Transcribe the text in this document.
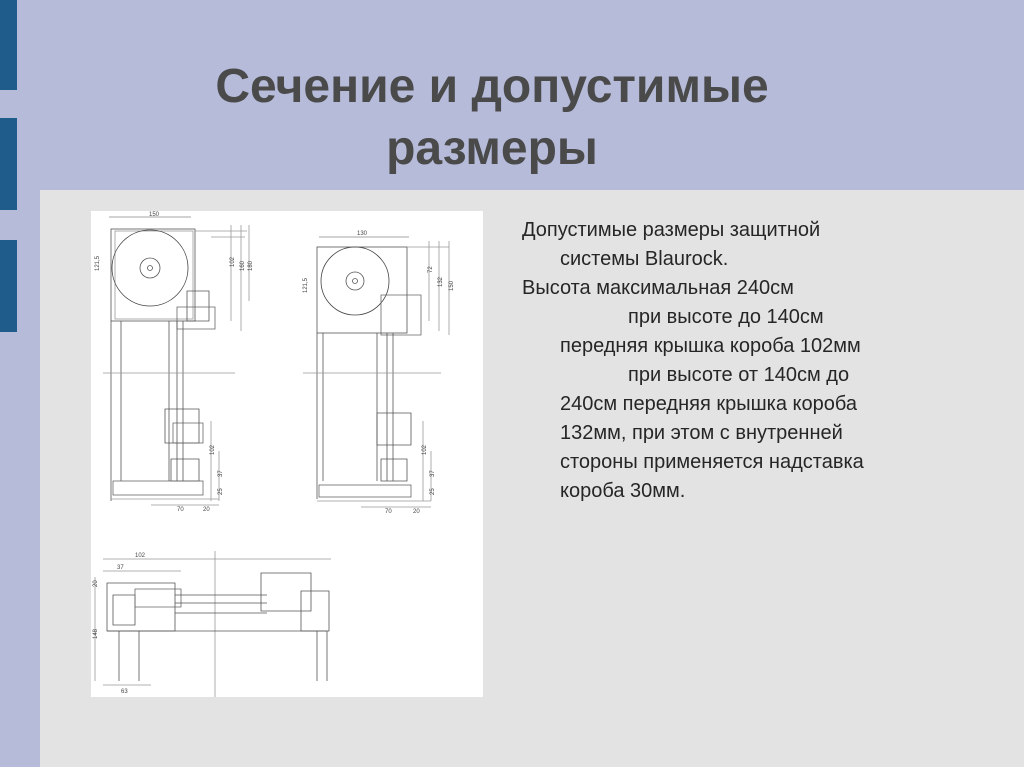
Сечение и допустимые
размеры
150
121,5	102 160 180
102
37
25
70	20
130
121,5
72
132 150
102
37
25
70	20
102
37
20
148
63

Допустимые размеры защитной
системы Blaurock.

Высота максимальная 240см
при высоте до 140см
передняя крышка короба 102мм
при высоте от 140см до
240см передняя крышка короба
132мм, при этом с внутренней
стороны применяется надставка
короба 30мм.
